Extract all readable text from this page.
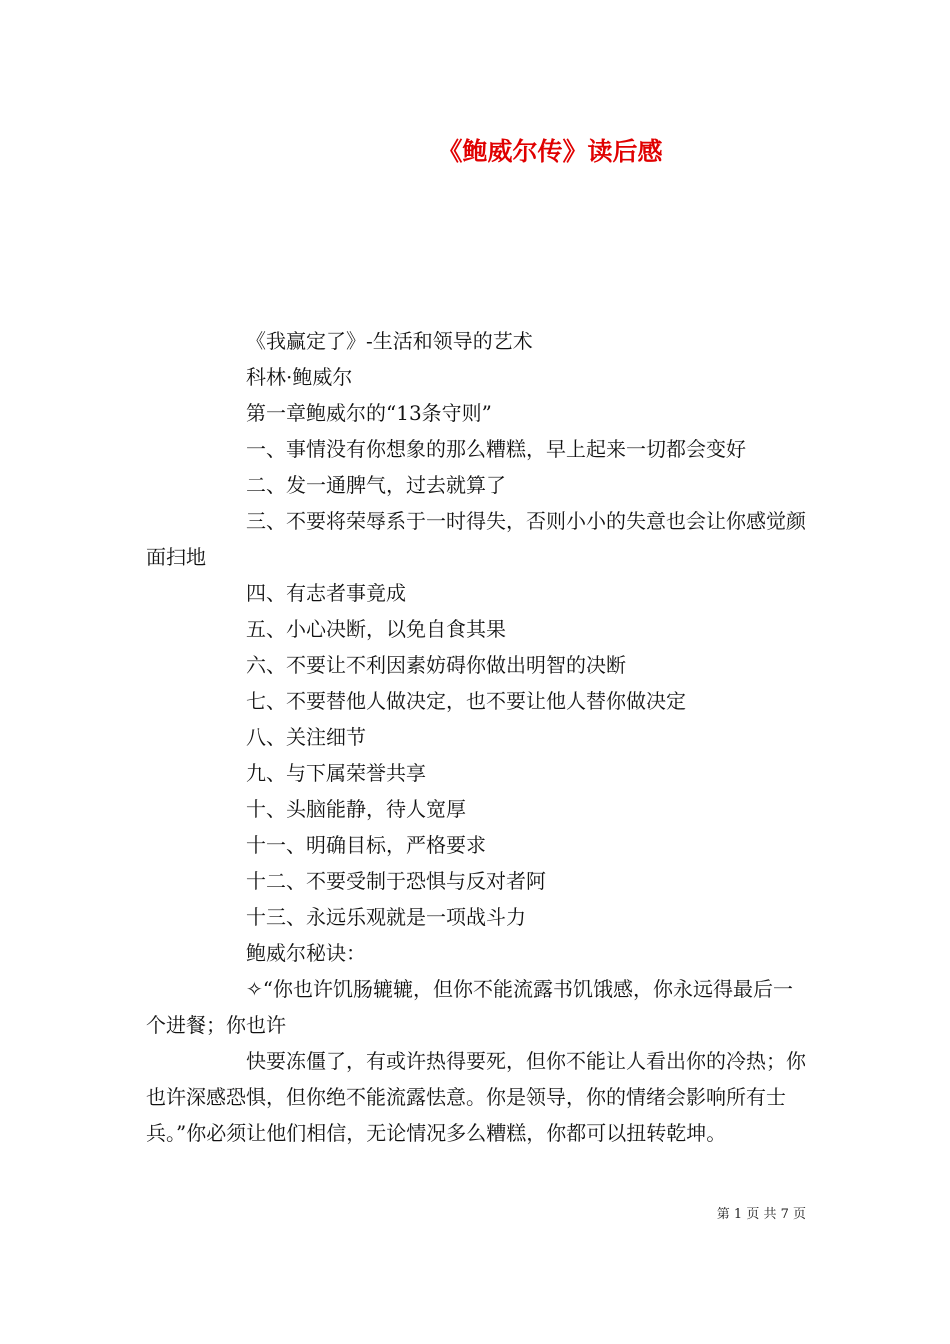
《鲍威尔传》读后感

《我赢定了》-生活和领导的艺术

科林·鲍威尔

第一章鲍威尔的“13条守则”

一、事情没有你想象的那么糟糕，早上起来一切都会变好

二、发一通脾气，过去就算了

三、不要将荣辱系于一时得失，否则小小的失意也会让你感觉颜面扫地

四、有志者事竟成

五、小心决断，以免自食其果

六、不要让不利因素妨碍你做出明智的决断

七、不要替他人做决定，也不要让他人替你做决定

八、关注细节

九、与下属荣誉共享

十、头脑能静，待人宽厚

十一、明确目标，严格要求

十二、不要受制于恐惧与反对者阿

十三、永远乐观就是一项战斗力

鲍威尔秘诀：

✧“你也许饥肠辘辘，但你不能流露书饥饿感，你永远得最后一个进餐；你也许

快要冻僵了，有或许热得要死，但你不能让人看出你的冷热；你也许深感恐惧，但你绝不能流露怯意。你是领导，你的情绪会影响所有士兵。”你必须让他们相信，无论情况多么糟糕，你都可以扭转乾坤。

第 1 页 共 7 页
